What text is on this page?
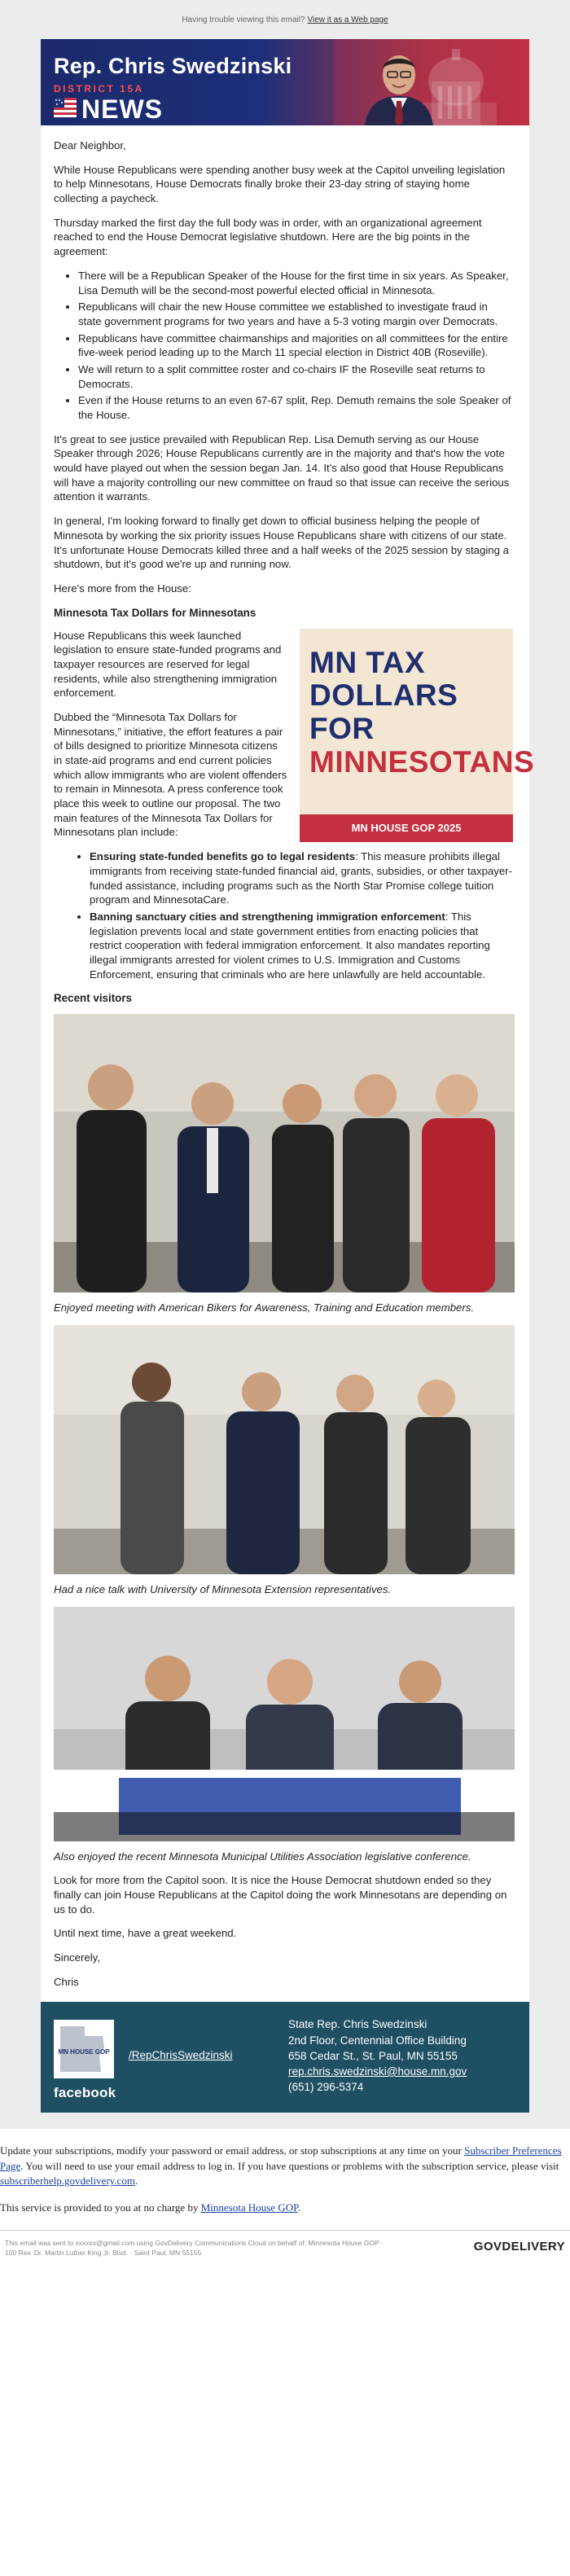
Having trouble viewing this email? View it as a Web page
Rep. Chris Swedzinski
DISTRICT 15A
NEWS

Dear Neighbor,

While House Republicans were spending another busy week at the Capitol unveiling legislation to help Minnesotans, House Democrats finally broke their 23-day string of staying home collecting a paycheck.

Thursday marked the first day the full body was in order, with an organizational agreement reached to end the House Democrat legislative shutdown. Here are the big points in the agreement:

• There will be a Republican Speaker of the House for the first time in six years. As Speaker, Lisa Demuth will be the second-most powerful elected official in Minnesota.
• Republicans will chair the new House committee we established to investigate fraud in state government programs for two years and have a 5-3 voting margin over Democrats.
• Republicans have committee chairmanships and majorities on all committees for the entire five-week period leading up to the March 11 special election in District 40B (Roseville).
• We will return to a split committee roster and co-chairs IF the Roseville seat returns to Democrats.
• Even if the House returns to an even 67-67 split, Rep. Demuth remains the sole Speaker of the House.

It's great to see justice prevailed with Republican Rep. Lisa Demuth serving as our House Speaker through 2026; House Republicans currently are in the majority and that's how the vote would have played out when the session began Jan. 14. It's also good that House Republicans will have a majority controlling our new committee on fraud so that issue can receive the serious attention it warrants.

In general, I'm looking forward to finally get down to official business helping the people of Minnesota by working the six priority issues House Republicans share with citizens of our state. It's unfortunate House Democrats killed three and a half weeks of the 2025 session by staging a shutdown, but it's good we're up and running now.

Here's more from the House:

Minnesota Tax Dollars for Minnesotans
MN TAX
DOLLARS
FOR
MINNESOTANS
MN HOUSE GOP 2025

House Republicans this week launched legislation to ensure state-funded programs and taxpayer resources are reserved for legal residents, while also strengthening immigration enforcement.

Dubbed the “Minnesota Tax Dollars for Minnesotans,” initiative, the effort features a pair of bills designed to prioritize Minnesota citizens in state-aid programs and end current policies which allow immigrants who are violent offenders to remain in Minnesota. A press conference took place this week to outline our proposal. The two main features of the Minnesota Tax Dollars for Minnesotans plan include:

• Ensuring state-funded benefits go to legal residents: This measure prohibits illegal immigrants from receiving state-funded financial aid, grants, subsidies, or other taxpayer-funded assistance, including programs such as the North Star Promise college tuition program and MinnesotaCare.
• Banning sanctuary cities and strengthening immigration enforcement: This legislation prevents local and state government entities from enacting policies that restrict cooperation with federal immigration enforcement. It also mandates reporting illegal immigrants arrested for violent crimes to U.S. Immigration and Customs Enforcement, ensuring that criminals who are here unlawfully are held accountable.
Recent visitors

Enjoyed meeting with American Bikers for Awareness, Training and Education members.

Had a nice talk with University of Minnesota Extension representatives.

Also enjoyed the recent Minnesota Municipal Utilities Association legislative conference.

Look for more from the Capitol soon. It is nice the House Democrat shutdown ended so they finally can join House Republicans at the Capitol doing the work Minnesotans are depending on us to do.

Until next time, have a great weekend.

Sincerely,

Chris

MN HOUSE GOP
facebook
/RepChrisSwedzinski
State Rep. Chris Swedzinski
2nd Floor, Centennial Office Building
658 Cedar St., St. Paul, MN 55155
rep.chris.swedzinski@house.mn.gov
(651) 296-5374

Update your subscriptions, modify your password or email address, or stop subscriptions at any time on your Subscriber Preferences Page. You will need to use your email address to log in. If you have questions or problems with the subscription service, please visit subscriberhelp.govdelivery.com.

This service is provided to you at no charge by Minnesota House GOP.

This email was sent to xxxxxx@gmail.com using GovDelivery Communications Cloud on behalf of: Minnesota House GOP · 100 Rev. Dr. Martin Luther King Jr. Blvd. · Saint Paul, MN 55155	GOVDELIVERY
